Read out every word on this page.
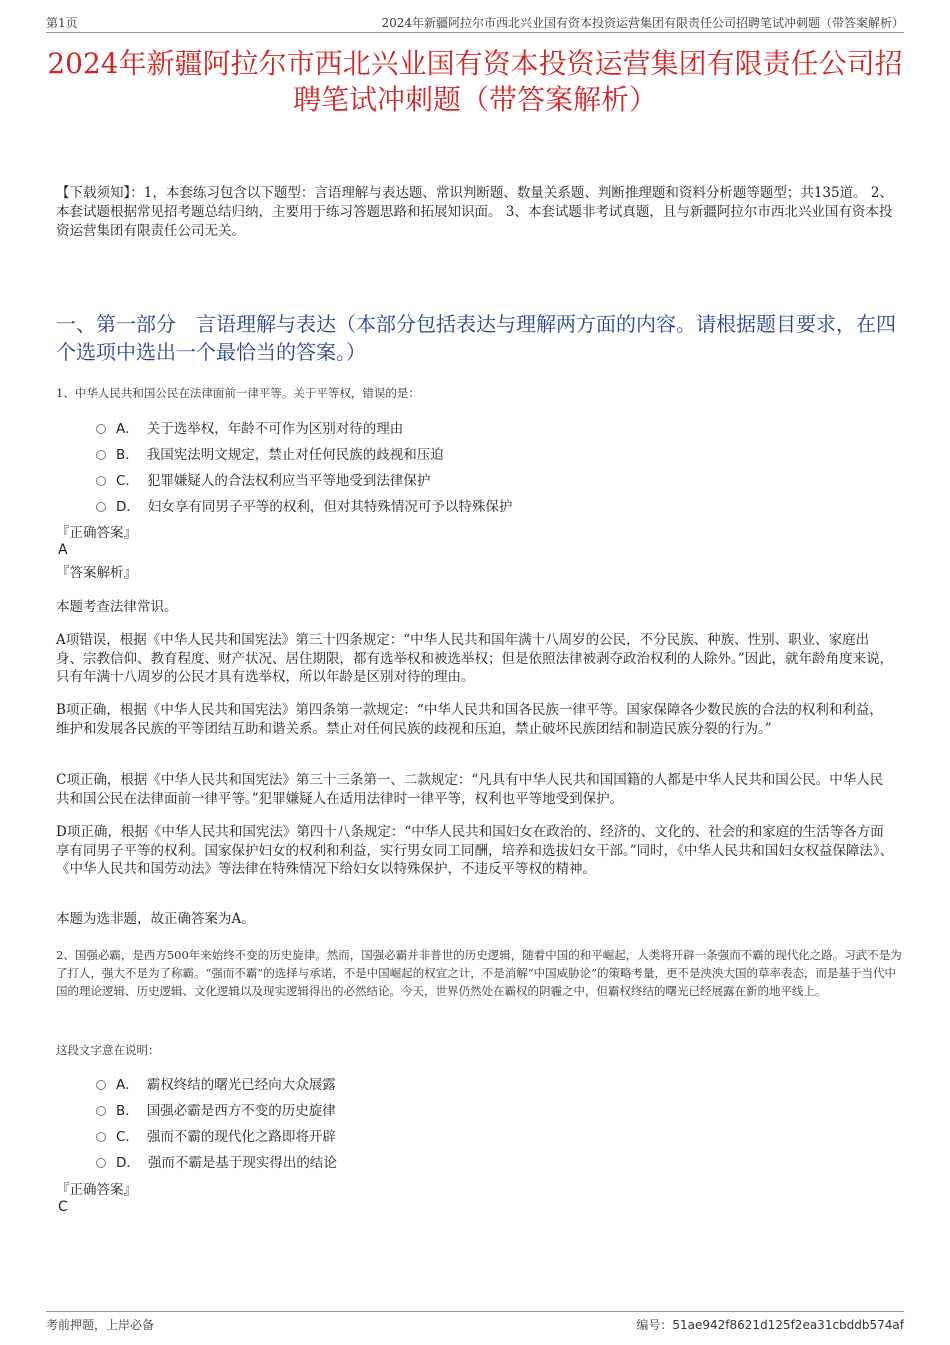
第1页	2024年新疆阿拉尔市西北兴业国有资本投资运营集团有限责任公司招聘笔试冲刺题（带答案解析）
2024年新疆阿拉尔市西北兴业国有资本投资运营集团有限责任公司招聘笔试冲刺题（带答案解析）
【下载须知】：1，本套练习包含以下题型：言语理解与表达题、常识判断题、数量关系题、判断推理题和资料分析题等题型；共135道。 2、本套试题根据常见招考题总结归纳，主要用于练习答题思路和拓展知识面。 3、本套试题非考试真题，且与新疆阿拉尔市西北兴业国有资本投资运营集团有限责任公司无关。
一、第一部分　言语理解与表达（本部分包括表达与理解两方面的内容。请根据题目要求，在四个选项中选出一个最恰当的答案。）
1、中华人民共和国公民在法律面前一律平等。关于平等权，错误的是：
A． 关于选举权，年龄不可作为区别对待的理由
B． 我国宪法明文规定，禁止对任何民族的歧视和压迫
C． 犯罪嫌疑人的合法权利应当平等地受到法律保护
D． 妇女享有同男子平等的权利，但对其特殊情况可予以特殊保护
『正确答案』
A
『答案解析』

本题考查法律常识。

A项错误，根据《中华人民共和国宪法》第三十四条规定：“中华人民共和国年满十八周岁的公民，不分民族、种族、性别、职业、家庭出身、宗教信仰、教育程度、财产状况、居住期限，都有选举权和被选举权；但是依照法律被剥夺政治权利的人除外。”因此，就年龄角度来说，只有年满十八周岁的公民才具有选举权，所以年龄是区别对待的理由。

B项正确，根据《中华人民共和国宪法》第四条第一款规定：“中华人民共和国各民族一律平等。国家保障各少数民族的合法的权利和利益，维护和发展各民族的平等团结互助和谐关系。禁止对任何民族的歧视和压迫，禁止破坏民族团结和制造民族分裂的行为。”

C项正确，根据《中华人民共和国宪法》第三十三条第一、二款规定：“凡具有中华人民共和国国籍的人都是中华人民共和国公民。中华人民共和国公民在法律面前一律平等。”犯罪嫌疑人在适用法律时一律平等，权利也平等地受到保护。

D项正确，根据《中华人民共和国宪法》第四十八条规定：“中华人民共和国妇女在政治的、经济的、文化的、社会的和家庭的生活等各方面享有同男子平等的权利。国家保护妇女的权利和利益，实行男女同工同酬，培养和选拔妇女干部。”同时，《中华人民共和国妇女权益保障法》、《中华人民共和国劳动法》等法律在特殊情况下给妇女以特殊保护，不违反平等权的精神。

本题为选非题，故正确答案为A。

2、国强必霸，是西方500年来始终不变的历史旋律。然而，国强必霸并非普世的历史逻辑，随着中国的和平崛起，人类将开辟一条强而不霸的现代化之路。习武不是为了打人，强大不是为了称霸。“强而不霸”的选择与承诺，不是中国崛起的权宜之计，不是消解“中国威胁论”的策略考量，更不是泱泱大国的草率表态，而是基于当代中国的理论逻辑、历史逻辑、文化逻辑以及现实逻辑得出的必然结论。今天，世界仍然处在霸权的阴霾之中，但霸权终结的曙光已经展露在新的地平线上。
这段文字意在说明：
A． 霸权终结的曙光已经向大众展露
B． 国强必霸是西方不变的历史旋律
C． 强而不霸的现代化之路即将开辟
D． 强而不霸是基于现实得出的结论
『正确答案』
C
考前押题，上岸必备	编号：51ae942f8621d125f2ea31cbddb574af
